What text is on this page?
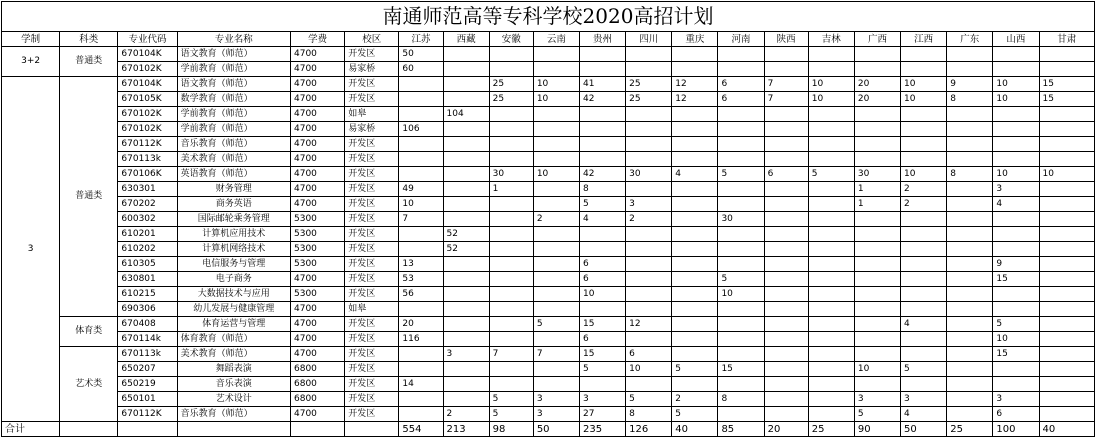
南通师范高等专科学校2020高招计划																				
学制	科类	专业代码	专业名称	学费	校区	江苏	西藏	安徽	云南	贵州	四川	重庆	河南	陕西	吉林	广西	江西	广东	山西	甘肃
3+2	普通类	670104K	语文教育（师范）	4700	开发区	50														
		670102K	学前教育（师范）	4700	易家桥	60														
3	普通类	670104K	语文教育（师范）	4700	开发区			25	10	41	25	12	6	7	10	20	10	9	10	15
		670105K	数学教育（师范）	4700	开发区			25	10	42	25	12	6	7	10	20	10	8	10	15
		670102K	学前教育（师范）	4700	如皋		104													
		670102K	学前教育（师范）	4700	易家桥	106														
		670112K	音乐教育（师范）	4700	开发区															
		670113k	美术教育（师范）	4700	开发区															
		670106K	英语教育（师范）	4700	开发区			30	10	42	30	4	5	6	5	30	10	8	10	10
		630301	财务管理	4700	开发区	49		1		8						1	2		3	
		670202	商务英语	4700	开发区	10				5	3					1	2		4	
		600302	国际邮轮乘务管理	5300	开发区	7			2	4	2		30							
		610201	计算机应用技术	5300	开发区		52													
		610202	计算机网络技术	5300	开发区		52													
		610305	电信服务与管理	5300	开发区	13				6									9	
		630801	电子商务	4700	开发区	53				6			5						15	
		610215	大数据技术与应用	5300	开发区	56				10			10							
		690306	幼儿发展与健康管理	4700	如皋															
	体育类	670408	体育运营与管理	4700	开发区	20			5	15	12						4		5	
		670114k	体育教育（师范）	4700	开发区	116				6									10	
	艺术类	670113k	美术教育（师范）	4700	开发区		3	7	7	15	6								15	
		650207	舞蹈表演	6800	开发区					5	10	5	15			10	5			
		650219	音乐表演	6800	开发区	14														
		650101	艺术设计	6800	开发区			5	3	3	5	2	8			3	3		3	
		670112K	音乐教育（师范）	4700	开发区		2	5	3	27	8	5				5	4		6	
合计						554	213	98	50	235	126	40	85	20	25	90	50	25	100	40
